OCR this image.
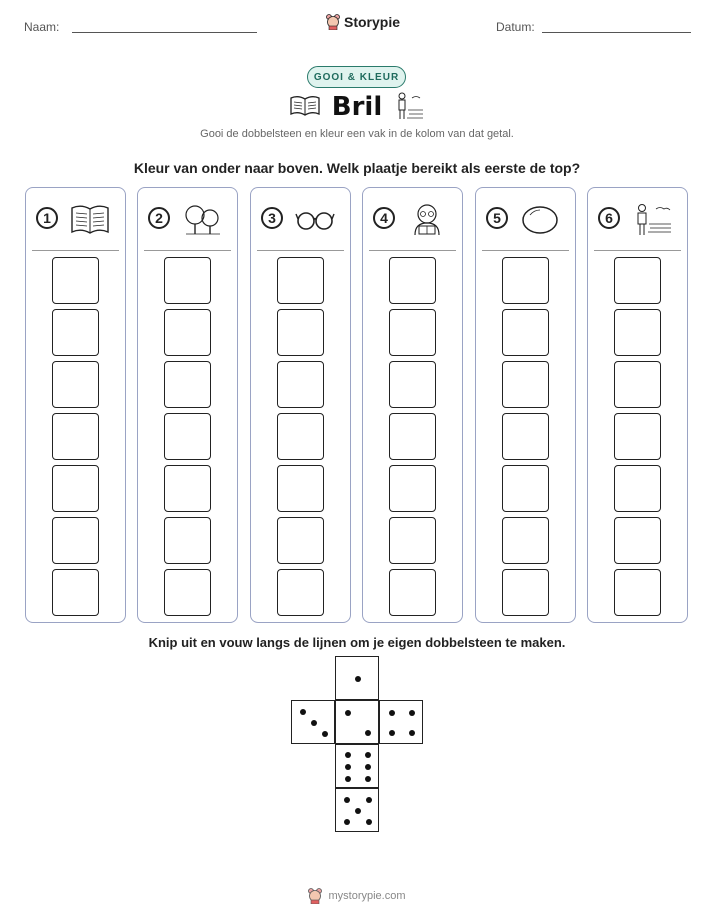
Naam:	Storypie	Datum:
GOOI & KLEUR
Bril
Gooi de dobbelsteen en kleur een vak in de kolom van dat getal.
Kleur van onder naar boven. Welk plaatje bereikt als eerste de top?
1	2	3	4	5	6
Knip uit en vouw langs de lijnen om je eigen dobbelsteen te maken.
mystorypie.com
